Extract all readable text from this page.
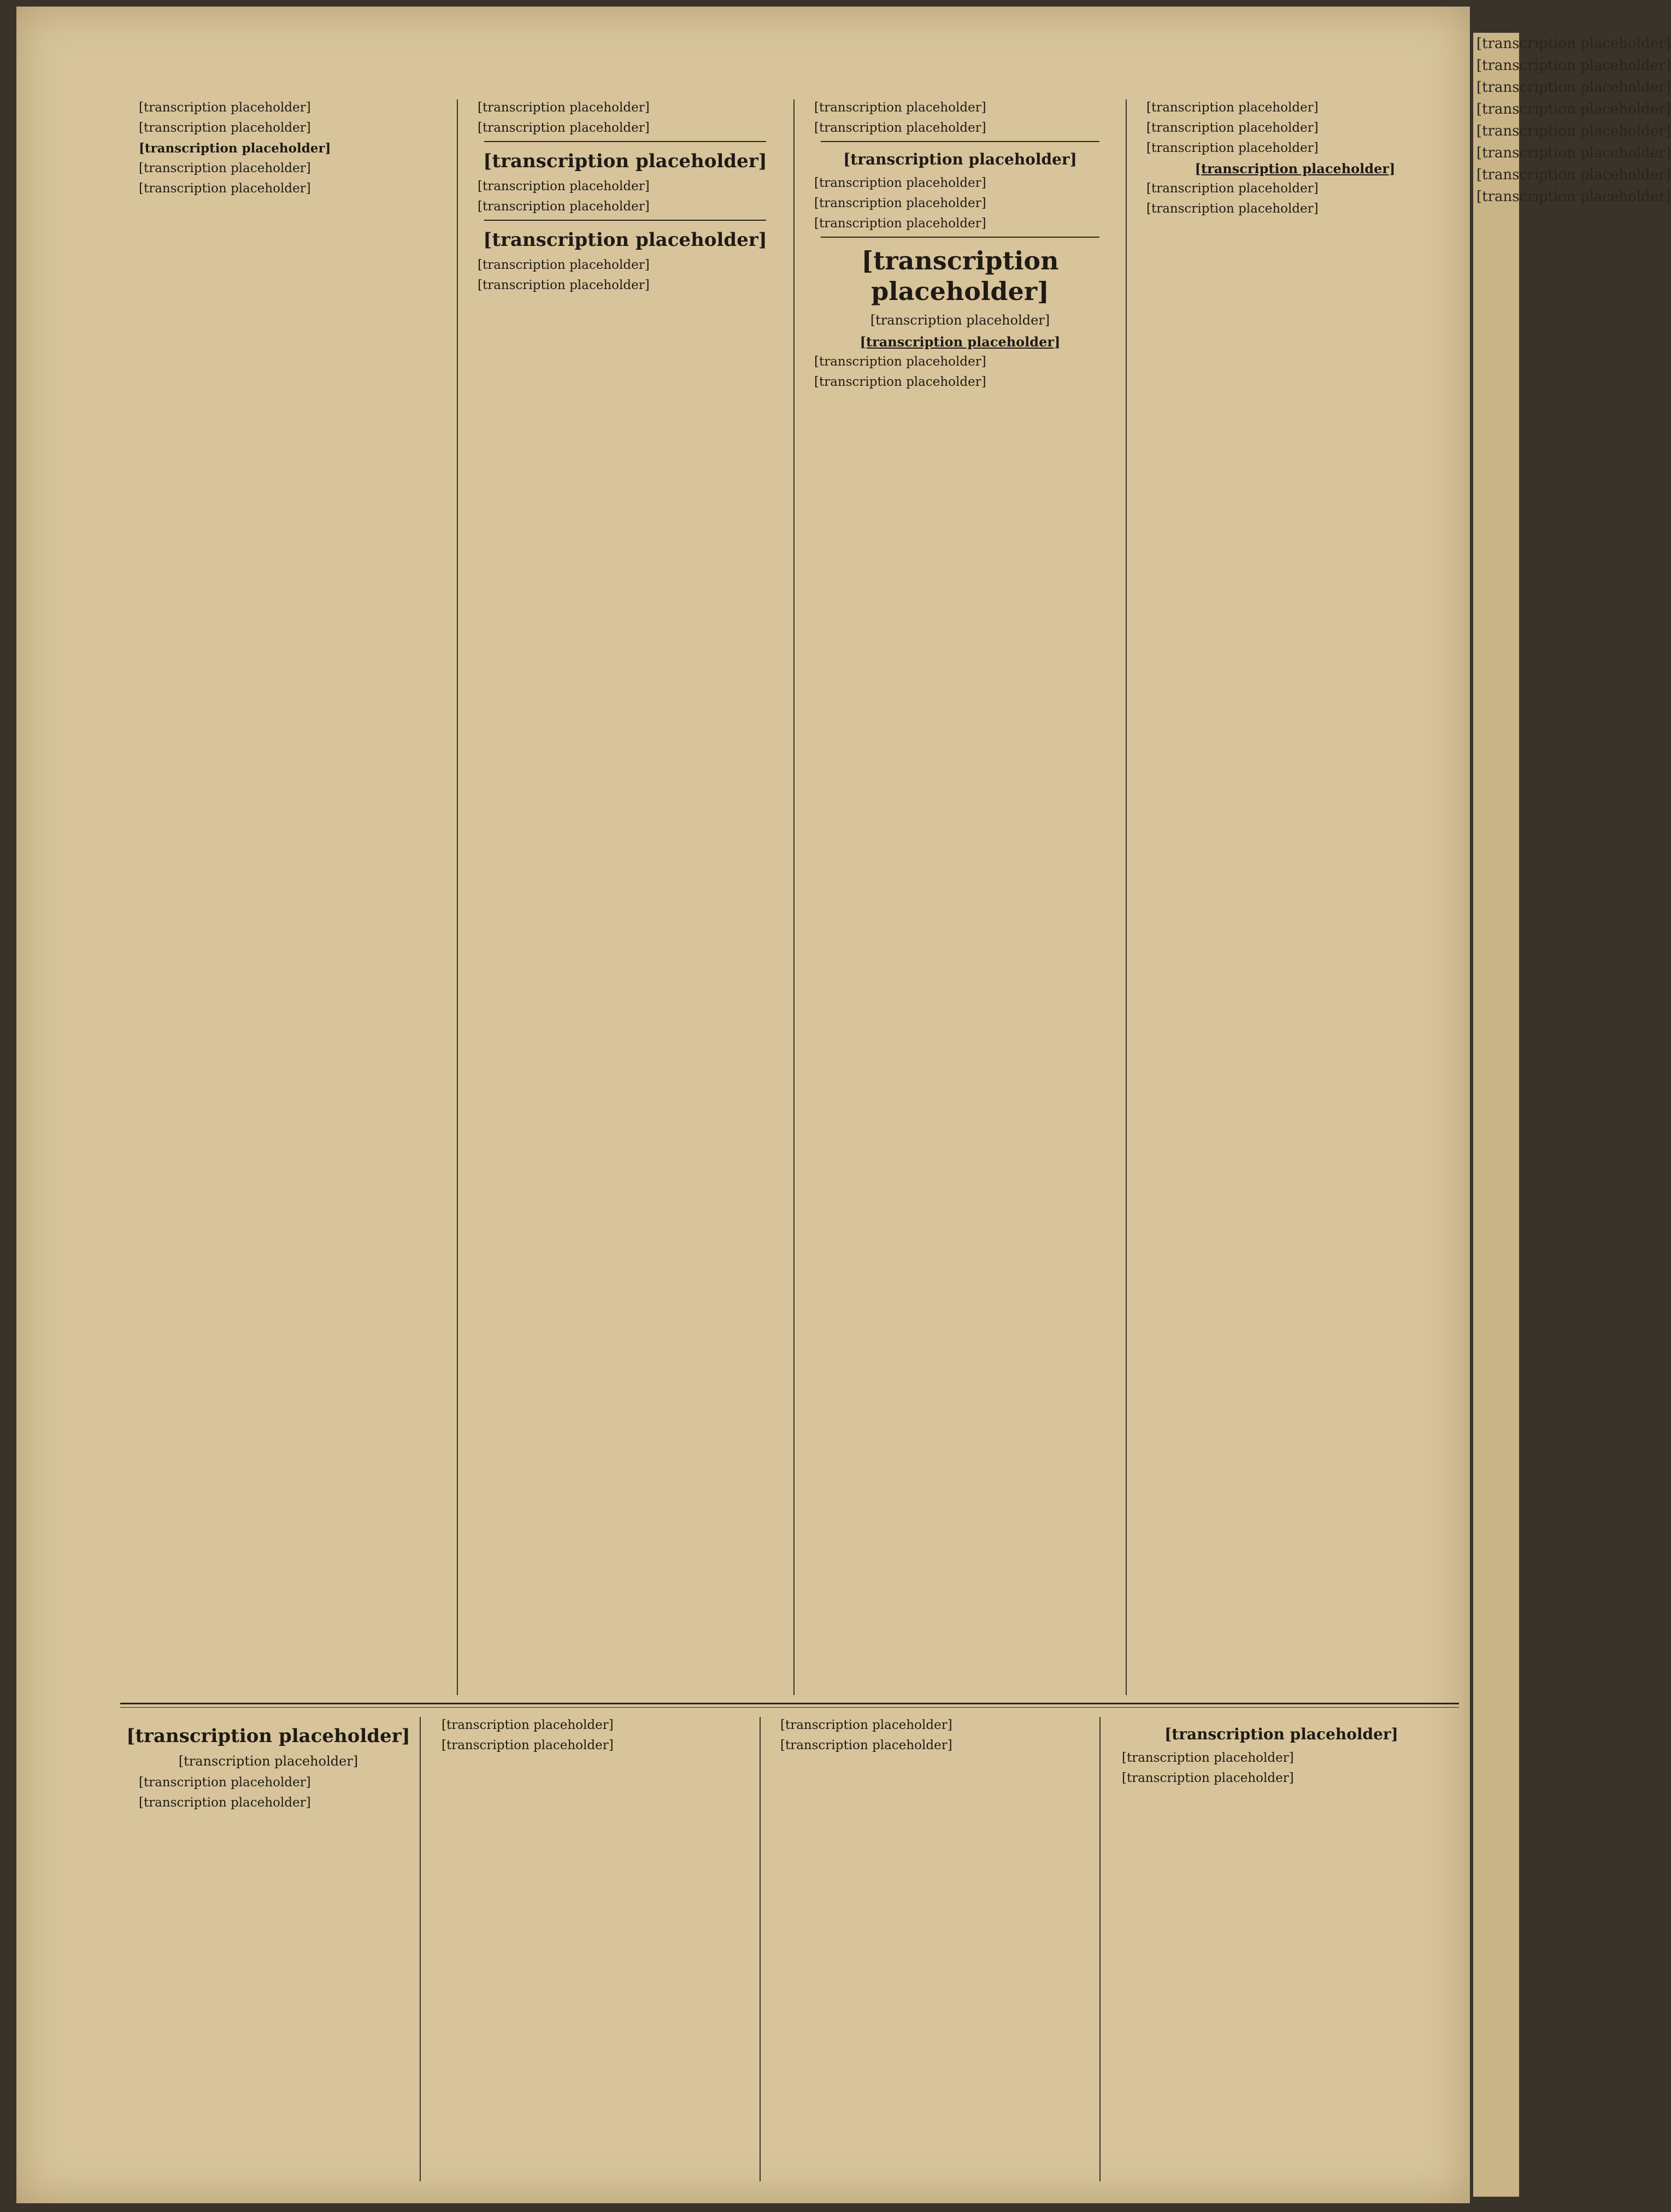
[transcription placeholder]

[transcription placeholder]

[transcription placeholder]

[transcription placeholder]

[transcription placeholder]

[transcription placeholder]

[transcription placeholder]

[transcription placeholder]

[transcription placeholder]

[transcription placeholder]

[transcription placeholder]

[transcription placeholder]

[transcription placeholder]

[transcription placeholder]

[transcription placeholder]

[transcription placeholder]

[transcription placeholder]

[transcription placeholder]

[transcription placeholder]

[transcription placeholder]
[transcription placeholder]
[transcription placeholder]

[transcription placeholder]

[transcription placeholder]

[transcription placeholder]

[transcription placeholder]

[transcription placeholder]

[transcription placeholder]

[transcription placeholder]

[transcription placeholder]

[transcription placeholder]
[transcription placeholder]

[transcription placeholder]

[transcription placeholder]

[transcription placeholder]

[transcription placeholder]

[transcription placeholder]

[transcription placeholder]

[transcription placeholder]

[transcription placeholder]

[transcription placeholder]

[transcription placeholder]
[transcription placeholder]
[transcription placeholder]
[transcription placeholder]
[transcription placeholder]
[transcription placeholder]
[transcription placeholder]
[transcription placeholder]
